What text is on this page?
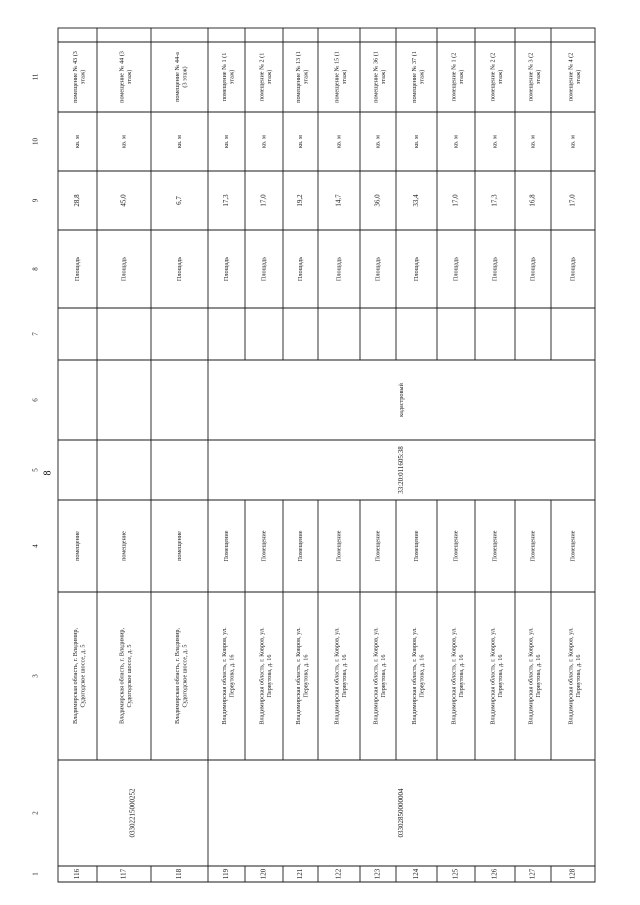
8
1
2
3
4
5
6
7
8
9
10
11
116
Владимирская область, г. Владимир, Судогодское шоссе, д. 5
помещение
Площадь
28,8
кв. м
помещение № 43 (3 этаж)
117
Владимирская область, г. Владимир, Судогодское шоссе, д. 5
помещение
Площадь
45,0
кв. м
помещение № 44 (3 этаж)
118
Владимирская область, г. Владимир, Судогодское шоссе, д. 5
помещение
Площадь
6,7
кв. м
помещение № 44-а (3 этаж)
119
Владимирская область, г. Ковров, ул. Первутова, д. 16
Помещение
Площадь
17,3
кв. м
помещение № 1 (1 этаж)
120
Владимирская область, г. Ковров, ул. Первутова, д. 16
Помещение
Площадь
17,0
кв. м
помещение № 2 (1 этаж)
121
Владимирская область, г. Ковров, ул. Первутова, д. 16
Помещение
Площадь
19,2
кв. м
помещение № 13 (1 этаж)
122
Владимирская область, г. Ковров, ул. Первутова, д. 16
Помещение
Площадь
14,7
кв. м
помещение № 15 (1 этаж)
123
Владимирская область, г. Ковров, ул. Первутова, д. 16
Помещение
Площадь
36,0
кв. м
помещение № 36 (1 этаж)
124
Владимирская область, г. Ковров, ул. Первутова, д. 16
Помещение
Площадь
33,4
кв. м
помещение № 37 (1 этаж)
125
Владимирская область, г. Ковров, ул. Первутова, д. 16
Помещение
Площадь
17,0
кв. м
помещение № 1 (2 этаж)
126
Владимирская область, г. Ковров, ул. Первутова, д. 16
Помещение
Площадь
17,3
кв. м
помещение № 2 (2 этаж)
127
Владимирская область, г. Ковров, ул. Первутова, д. 16
Помещение
Площадь
16,8
кв. м
помещение № 3 (2 этаж)
128
Владимирская область, г. Ковров, ул. Первутова, д. 16
Помещение
Площадь
17,0
кв. м
помещение № 4 (2 этаж)
03302215000252	03302850000004
33:20:011605:38
кадастровый
